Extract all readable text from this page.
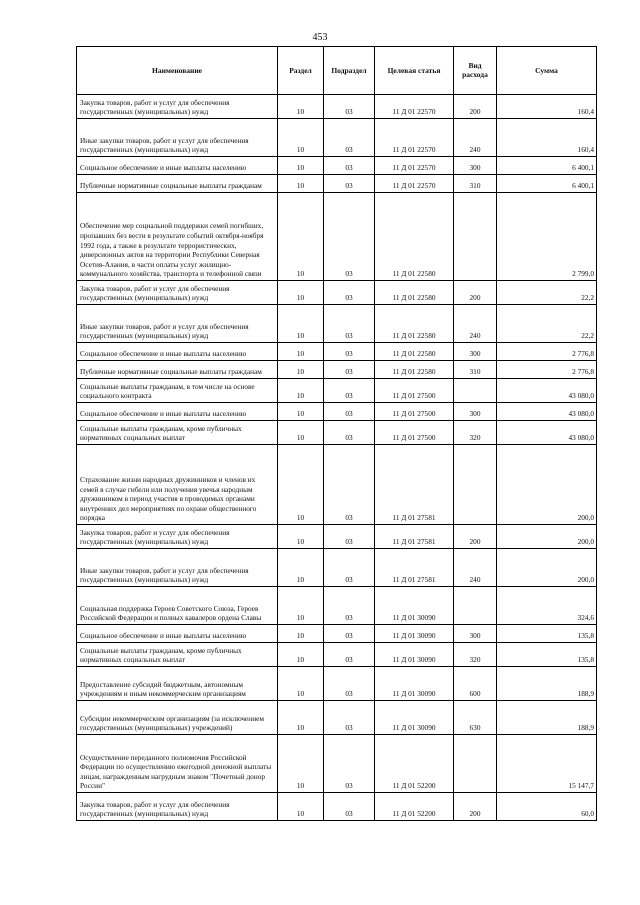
453
Наименование	Раздел	Подраздел	Целевая статья	Вид расхода	Сумма
Закупка товаров, работ и услуг для обеспечения государственных (муниципальных) нужд	10	03	11 Д 01 22570	200	160,4
Иные закупки товаров, работ и услуг для обеспечения государственных (муниципальных) нужд	10	03	11 Д 01 22570	240	160,4
Социальное обеспечение и иные выплаты населению	10	03	11 Д 01 22570	300	6 400,1
Публичные нормативные социальные выплаты гражданам	10	03	11 Д 01 22570	310	6 400,1
Обеспечение мер социальной поддержки семей погибших, пропавших без вести в результате событий октября-ноября 1992 года, а также в результате террористических, диверсионных актов на территории Республики Северная Осетия-Алания, в части оплаты услуг жилищно-коммунального хозяйства, транспорта и телефонной связи	10	03	11 Д 01 22580		2 799,0
Закупка товаров, работ и услуг для обеспечения государственных (муниципальных) нужд	10	03	11 Д 01 22580	200	22,2
Иные закупки товаров, работ и услуг для обеспечения государственных (муниципальных) нужд	10	03	11 Д 01 22580	240	22,2
Социальное обеспечение и иные выплаты населению	10	03	11 Д 01 22580	300	2 776,8
Публичные нормативные социальные выплаты гражданам	10	03	11 Д 01 22580	310	2 776,8
Социальные выплаты гражданам, в том числе на основе социального контракта	10	03	11 Д 01 27500		43 080,0
Социальное обеспечение и иные выплаты населению	10	03	11 Д 01 27500	300	43 080,0
Социальные выплаты гражданам, кроме публичных нормативных социальных выплат	10	03	11 Д 01 27500	320	43 080,0
Страхование жизни народных дружинников и членов их семей в случае гибели или получения увечья народным дружинником в период участия в проводимых органами внутренних дел мероприятиях по охране общественного порядка	10	03	11 Д 01 27581		200,0
Закупка товаров, работ и услуг для обеспечения государственных (муниципальных) нужд	10	03	11 Д 01 27581	200	200,0
Иные закупки товаров, работ и услуг для обеспечения государственных (муниципальных) нужд	10	03	11 Д 01 27581	240	200,0
Социальная поддержка Героев Советского Союза, Героев Российской Федерации и полных кавалеров ордена Славы	10	03	11 Д 01 30090		324,6
Социальное обеспечение и иные выплаты населению	10	03	11 Д 01 30090	300	135,8
Социальные выплаты гражданам, кроме публичных нормативных социальных выплат	10	03	11 Д 01 30090	320	135,8
Предоставление субсидий бюджетным, автономным учреждениям и иным некоммерческим организациям	10	03	11 Д 01 30090	600	188,9
Субсидии некоммерческим организациям (за исключением государственных (муниципальных) учреждений)	10	03	11 Д 01 30090	630	188,9
Осуществление переданного полномочия Российской Федерации по осуществлению ежегодной денежной выплаты лицам, награжденным нагрудным знаком "Почетный донор России"	10	03	11 Д 01 52200		15 147,7
Закупка товаров, работ и услуг для обеспечения государственных (муниципальных) нужд	10	03	11 Д 01 52200	200	60,0
